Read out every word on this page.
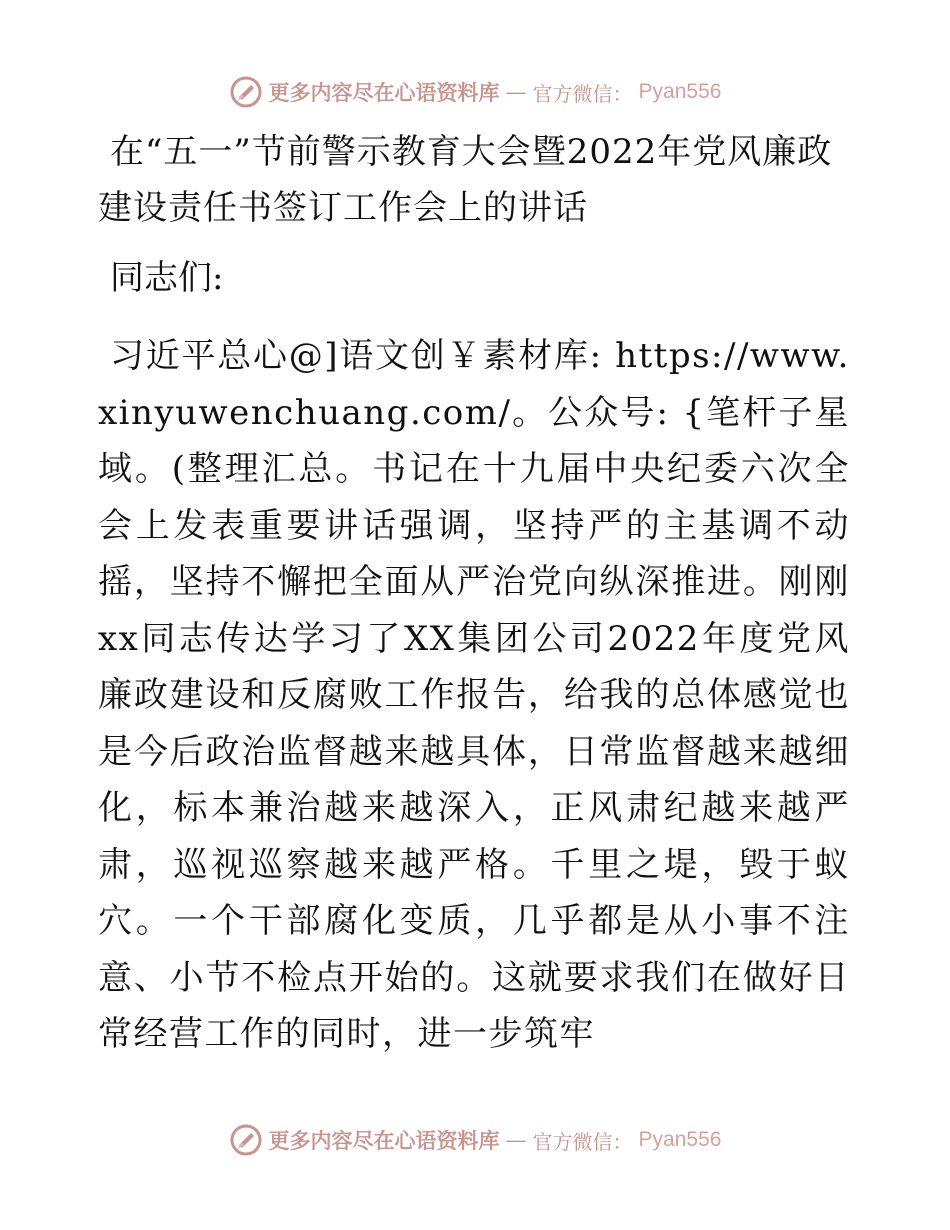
更多内容尽在心语资料库 — 官方微信： Pyan556
在“五一”节前警示教育大会暨2022年党风廉政建设责任书签订工作会上的讲话

同志们:

习近平总心@]语文创￥素材库: https://www.xinyuwenchuang.com/。公众号: {笔杆子星域。(整理汇总。书记在十九届中央纪委六次全会上发表重要讲话强调，坚持严的主基调不动摇，坚持不懈把全面从严治党向纵深推进。刚刚xx同志传达学习了XX集团公司2022年度党风廉政建设和反腐败工作报告，给我的总体感觉也是今后政治监督越来越具体，日常监督越来越细化，标本兼治越来越深入，正风肃纪越来越严肃，巡视巡察越来越严格。千里之堤，毁于蚁穴。一个干部腐化变质，几乎都是从小事不注意、小节不检点开始的。这就要求我们在做好日常经营工作的同时，进一步筑牢

更多内容尽在心语资料库 — 官方微信： Pyan556
